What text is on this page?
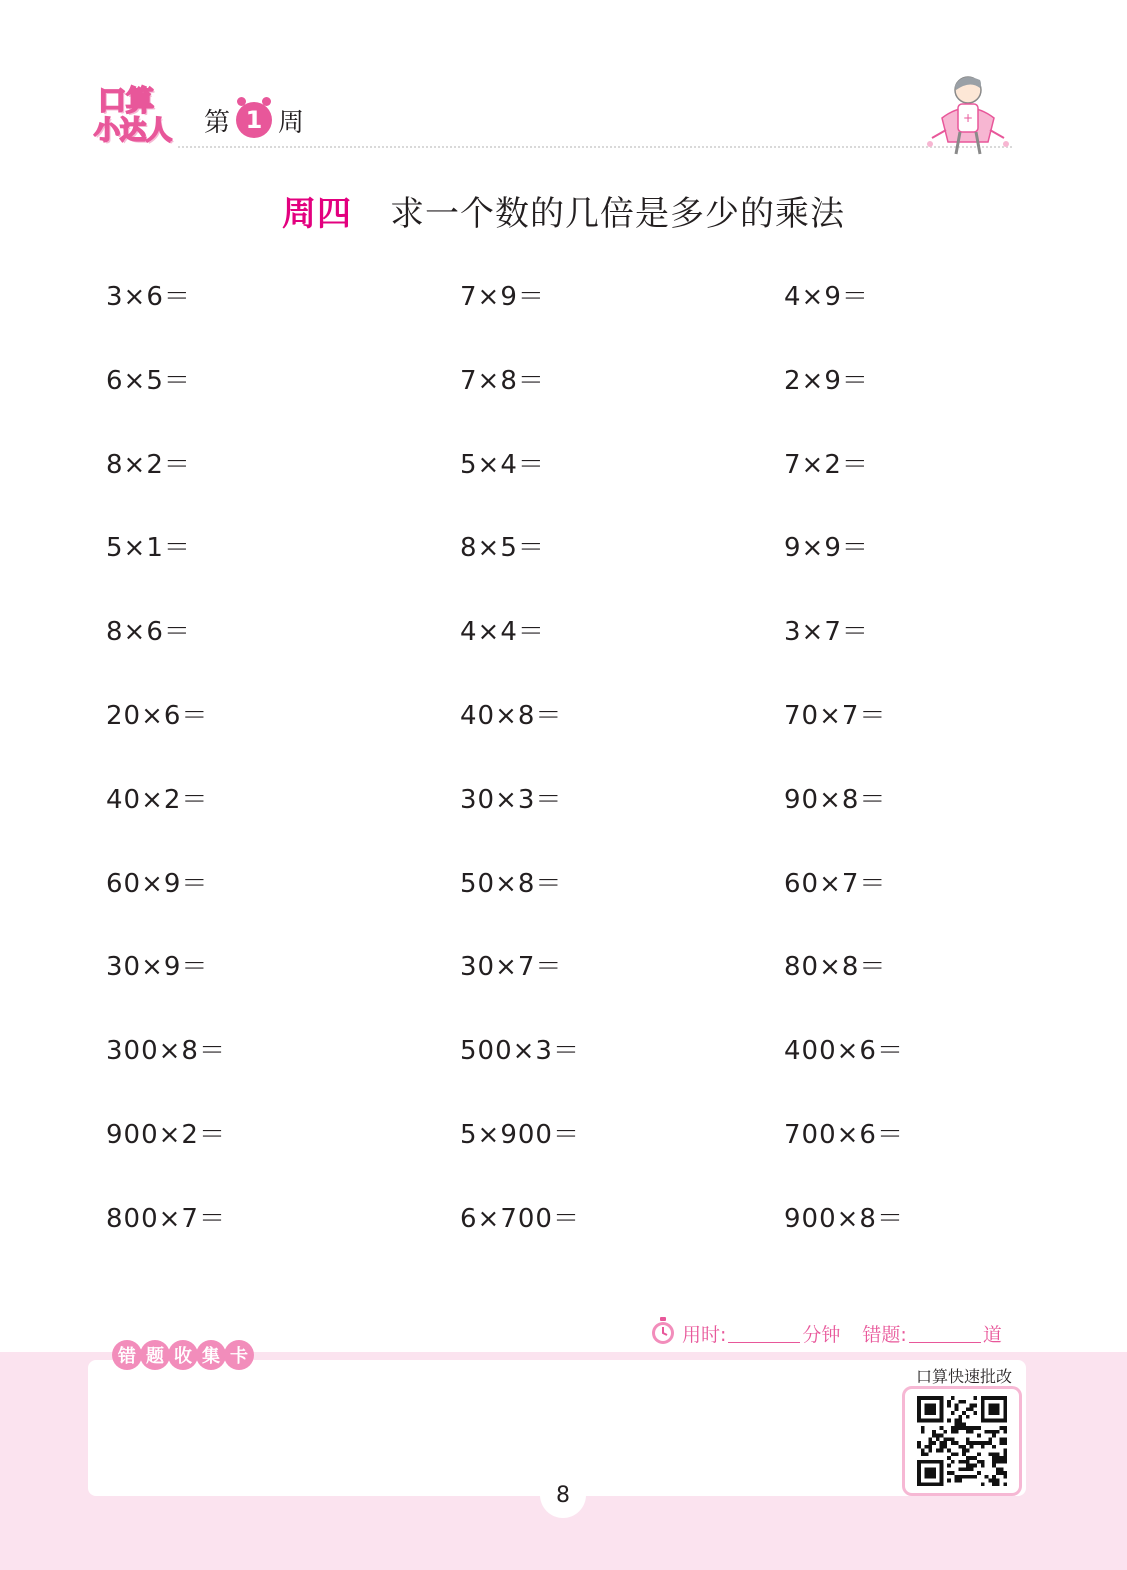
口算
小达人 第 1 周	+
周四 求一个数的几倍是多少的乘法
3×6＝	7×9＝	4×9＝
6×5＝	7×8＝	2×9＝
8×2＝	5×4＝	7×2＝
5×1＝	8×5＝	9×9＝
8×6＝	4×4＝	3×7＝
20×6＝	40×8＝	70×7＝
40×2＝	30×3＝	90×8＝
60×9＝	50×8＝	60×7＝
30×9＝	30×7＝	80×8＝
300×8＝	500×3＝	400×6＝
900×2＝	5×900＝	700×6＝
800×7＝	6×700＝	900×8＝
用时:	分钟 错题:	道
错 题 收 集 卡
口算快速批改
8
